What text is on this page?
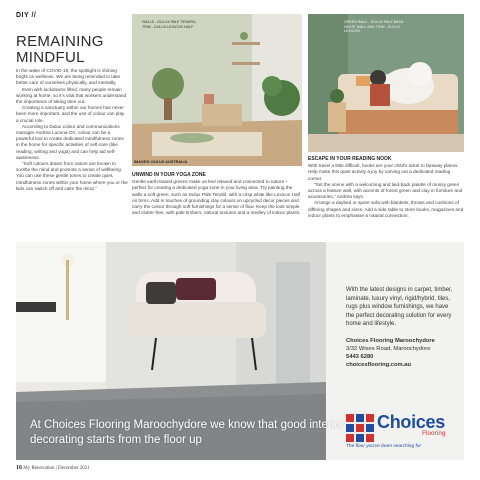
DIY //
REMAINING MINDFUL

In the wake of COVID-19, the spotlight is shining bright on wellness. We are being reminded to take better care of ourselves physically, and mentally.

Even with lockdowns lifted, many people remain working at home, so it's vital that workers understand the importance of taking time out.

Creating a sanctuary within our homes has never been more important, and the use of colour can play a crucial role.

According to Dulux colour and communications manager Andrea Lucena-Orr, colour can be a powerful tool to create dedicated mindfulness zones in the home for specific activities of self-care (like reading, writing and yoga) and can help aid self-awareness.

"Soft colours drawn from nature are known to soothe the mind and promote a sense of wellbeing. You can use these gentle tones to create quiet, mindfulness zones within your home where you or the kids can switch off and calm the mind."

WALLS - DULUX PALE TENDRIL; TRIM - DULUX LEXICON HALF
IMAGES: DULUX AUSTRALIA
GREEN WALL - DULUX PALE BASIL WHITE WALL AND TRIM - DULUX LEXICON
UNWIND IN YOUR YOGA ZONE

Gentle earth-based greens make us feel relaxed and connected to nature – perfect for creating a dedicated yoga zone in your living area. Try painting the walls a soft green, such as Dulux Pale Tendril, with a crisp white like Lexicon Half on trims. Add in touches of grounding clay colours on upcycled decor pieces and carry the colour through soft furnishings for a sense of flow. Keep the look simple and clutter-free, with pale timbers, natural textures and a medley of indoor plants.

ESCAPE IN YOUR READING NOOK

With travel a little difficult, books are your child's ticket to faraway places. Help make this quiet activity a joy by carving out a dedicated reading corner.

"Set the scene with a welcoming and laid-back palette of mossy green across a feature wall, with accents of forest green and clay in furniture and accessories," Andrea says.

Arrange a daybed or spare sofa with blankets, throws and cushions of differing shapes and sizes. Add a side table to store books, magazines and indoor plants to emphasise a natural connection.

With the latest designs in carpet, timber, laminate, luxury vinyl, rigid/hybrid, tiles, rugs plus window furnishings, we have the perfect decorating solution for every home and lifestyle.

Choices Flooring Maroochydore
3/32 Wises Road, Maroochydore
5443 6280
choicesflooring.com.au
At Choices Flooring Maroochydore we know that good interior decorating starts from the floor up
Choices
Flooring
The floor you've been searching for
16 My Renovation | December 2021
